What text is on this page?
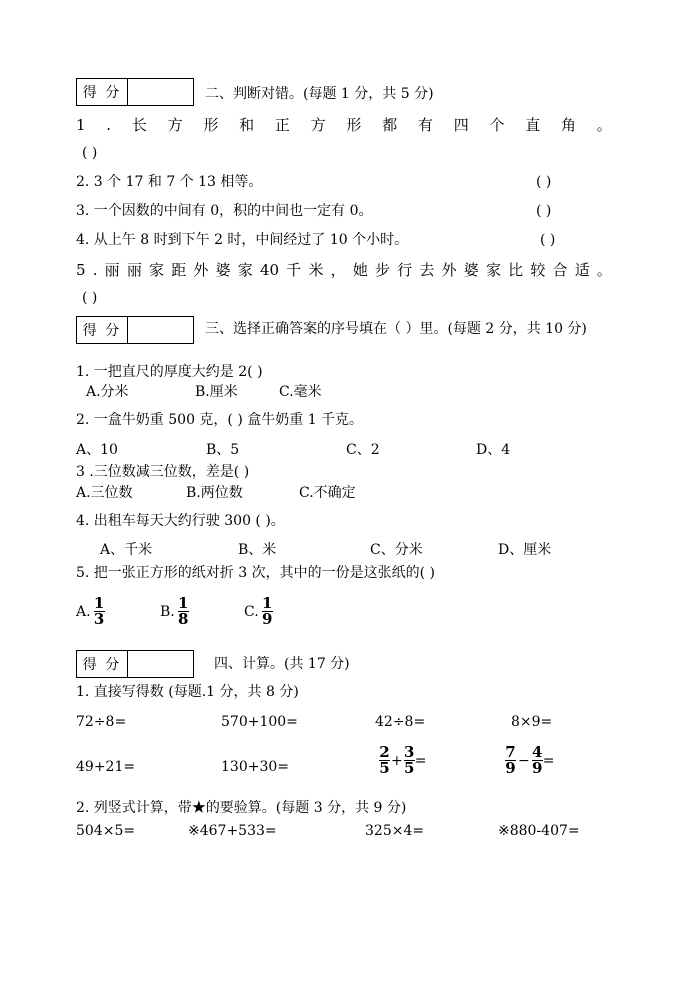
得 分	二、判断对错。(每题 1 分，共 5 分)
1 . 长 方 形 和 正 方 形 都 有 四 个 直 角 。
( )
2. 3 个 17 和 7 个 13 相等。	( )
3. 一个因数的中间有 0，积的中间也一定有 0。	( )
4. 从上午 8 时到下午 2 时，中间经过了 10 个小时。	( )
5 . 丽 丽 家 距 外 婆 家 40 千 米 ， 她 步 行 去 外 婆 家 比 较 合 适 。
( )
得 分	三、选择正确答案的序号填在（ ）里。(每题 2 分，共 10 分)
1. 一把直尺的厚度大约是 2( )
A.分米	B.厘米	C.毫米
2. 一盒牛奶重 500 克，( ) 盒牛奶重 1 千克。
A、10	B、5	C、2	D、4
3 .三位数减三位数，差是( )
A.三位数	B.两位数	C.不确定
4. 出租车每天大约行驶 300 ( )。
A、千米	B、米	C、分米	D、厘米
5. 把一张正方形的纸对折 3 次，其中的一份是这张纸的( )
A. $\frac{1}{3}$	B. $\frac{1}{8}$	C. $\frac{1}{9}$
得 分	四、计算。(共 17 分)
1. 直接写得数 (每题.1 分，共 8 分)
72÷8=	570+100=	42÷8=	8×9=
49+21=	130+30=	$\frac{2}{5} + \frac{3}{5}$ =	$\frac{7}{9} - \frac{4}{9}$ =
2. 列竖式计算，带★的要验算。(每题 3 分，共 9 分)
504×5=	※467+533=	325×4=	※880-407=
